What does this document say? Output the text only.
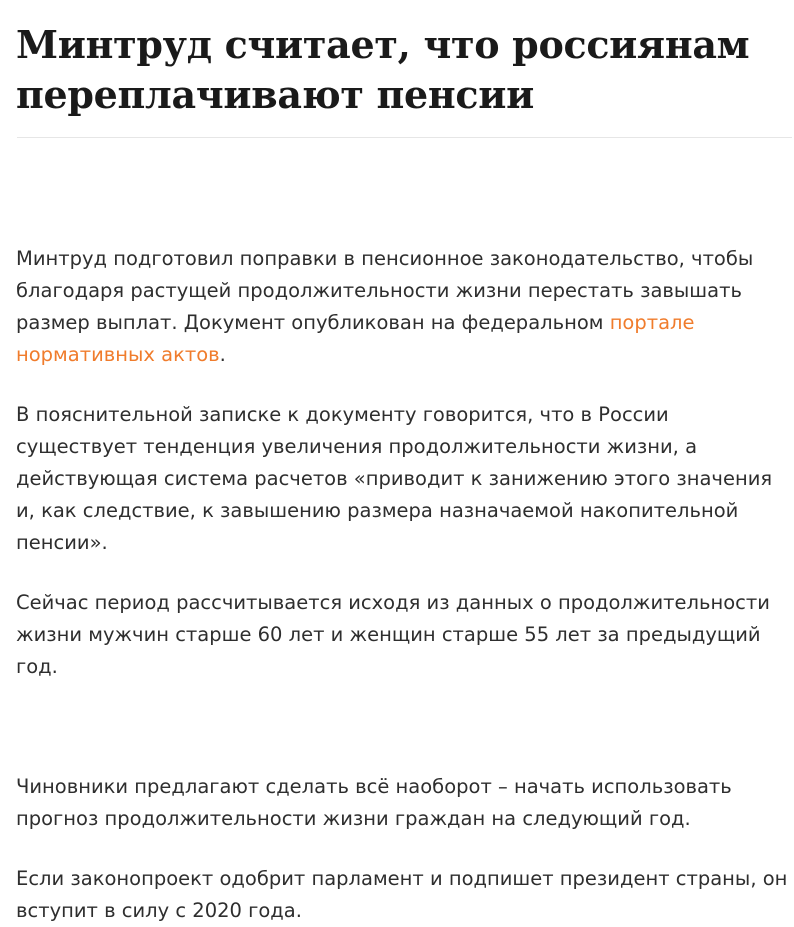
Минтруд считает, что россиянам переплачивают пенсии

Минтруд подготовил поправки в пенсионное законодательство, чтобы благодаря растущей продолжительности жизни перестать завышать размер выплат. Документ опубликован на федеральном портале нормативных актов.

В пояснительной записке к документу говорится, что в России существует тенденция увеличения продолжительности жизни, а действующая система расчетов «приводит к занижению этого значения и, как следствие, к завышению размера назначаемой накопительной пенсии».

Сейчас период рассчитывается исходя из данных о продолжительности жизни мужчин старше 60 лет и женщин старше 55 лет за предыдущий год.

Чиновники предлагают сделать всё наоборот – начать использовать прогноз продолжительности жизни граждан на следующий год.

Если законопроект одобрит парламент и подпишет президент страны, он вступит в силу с 2020 года.
